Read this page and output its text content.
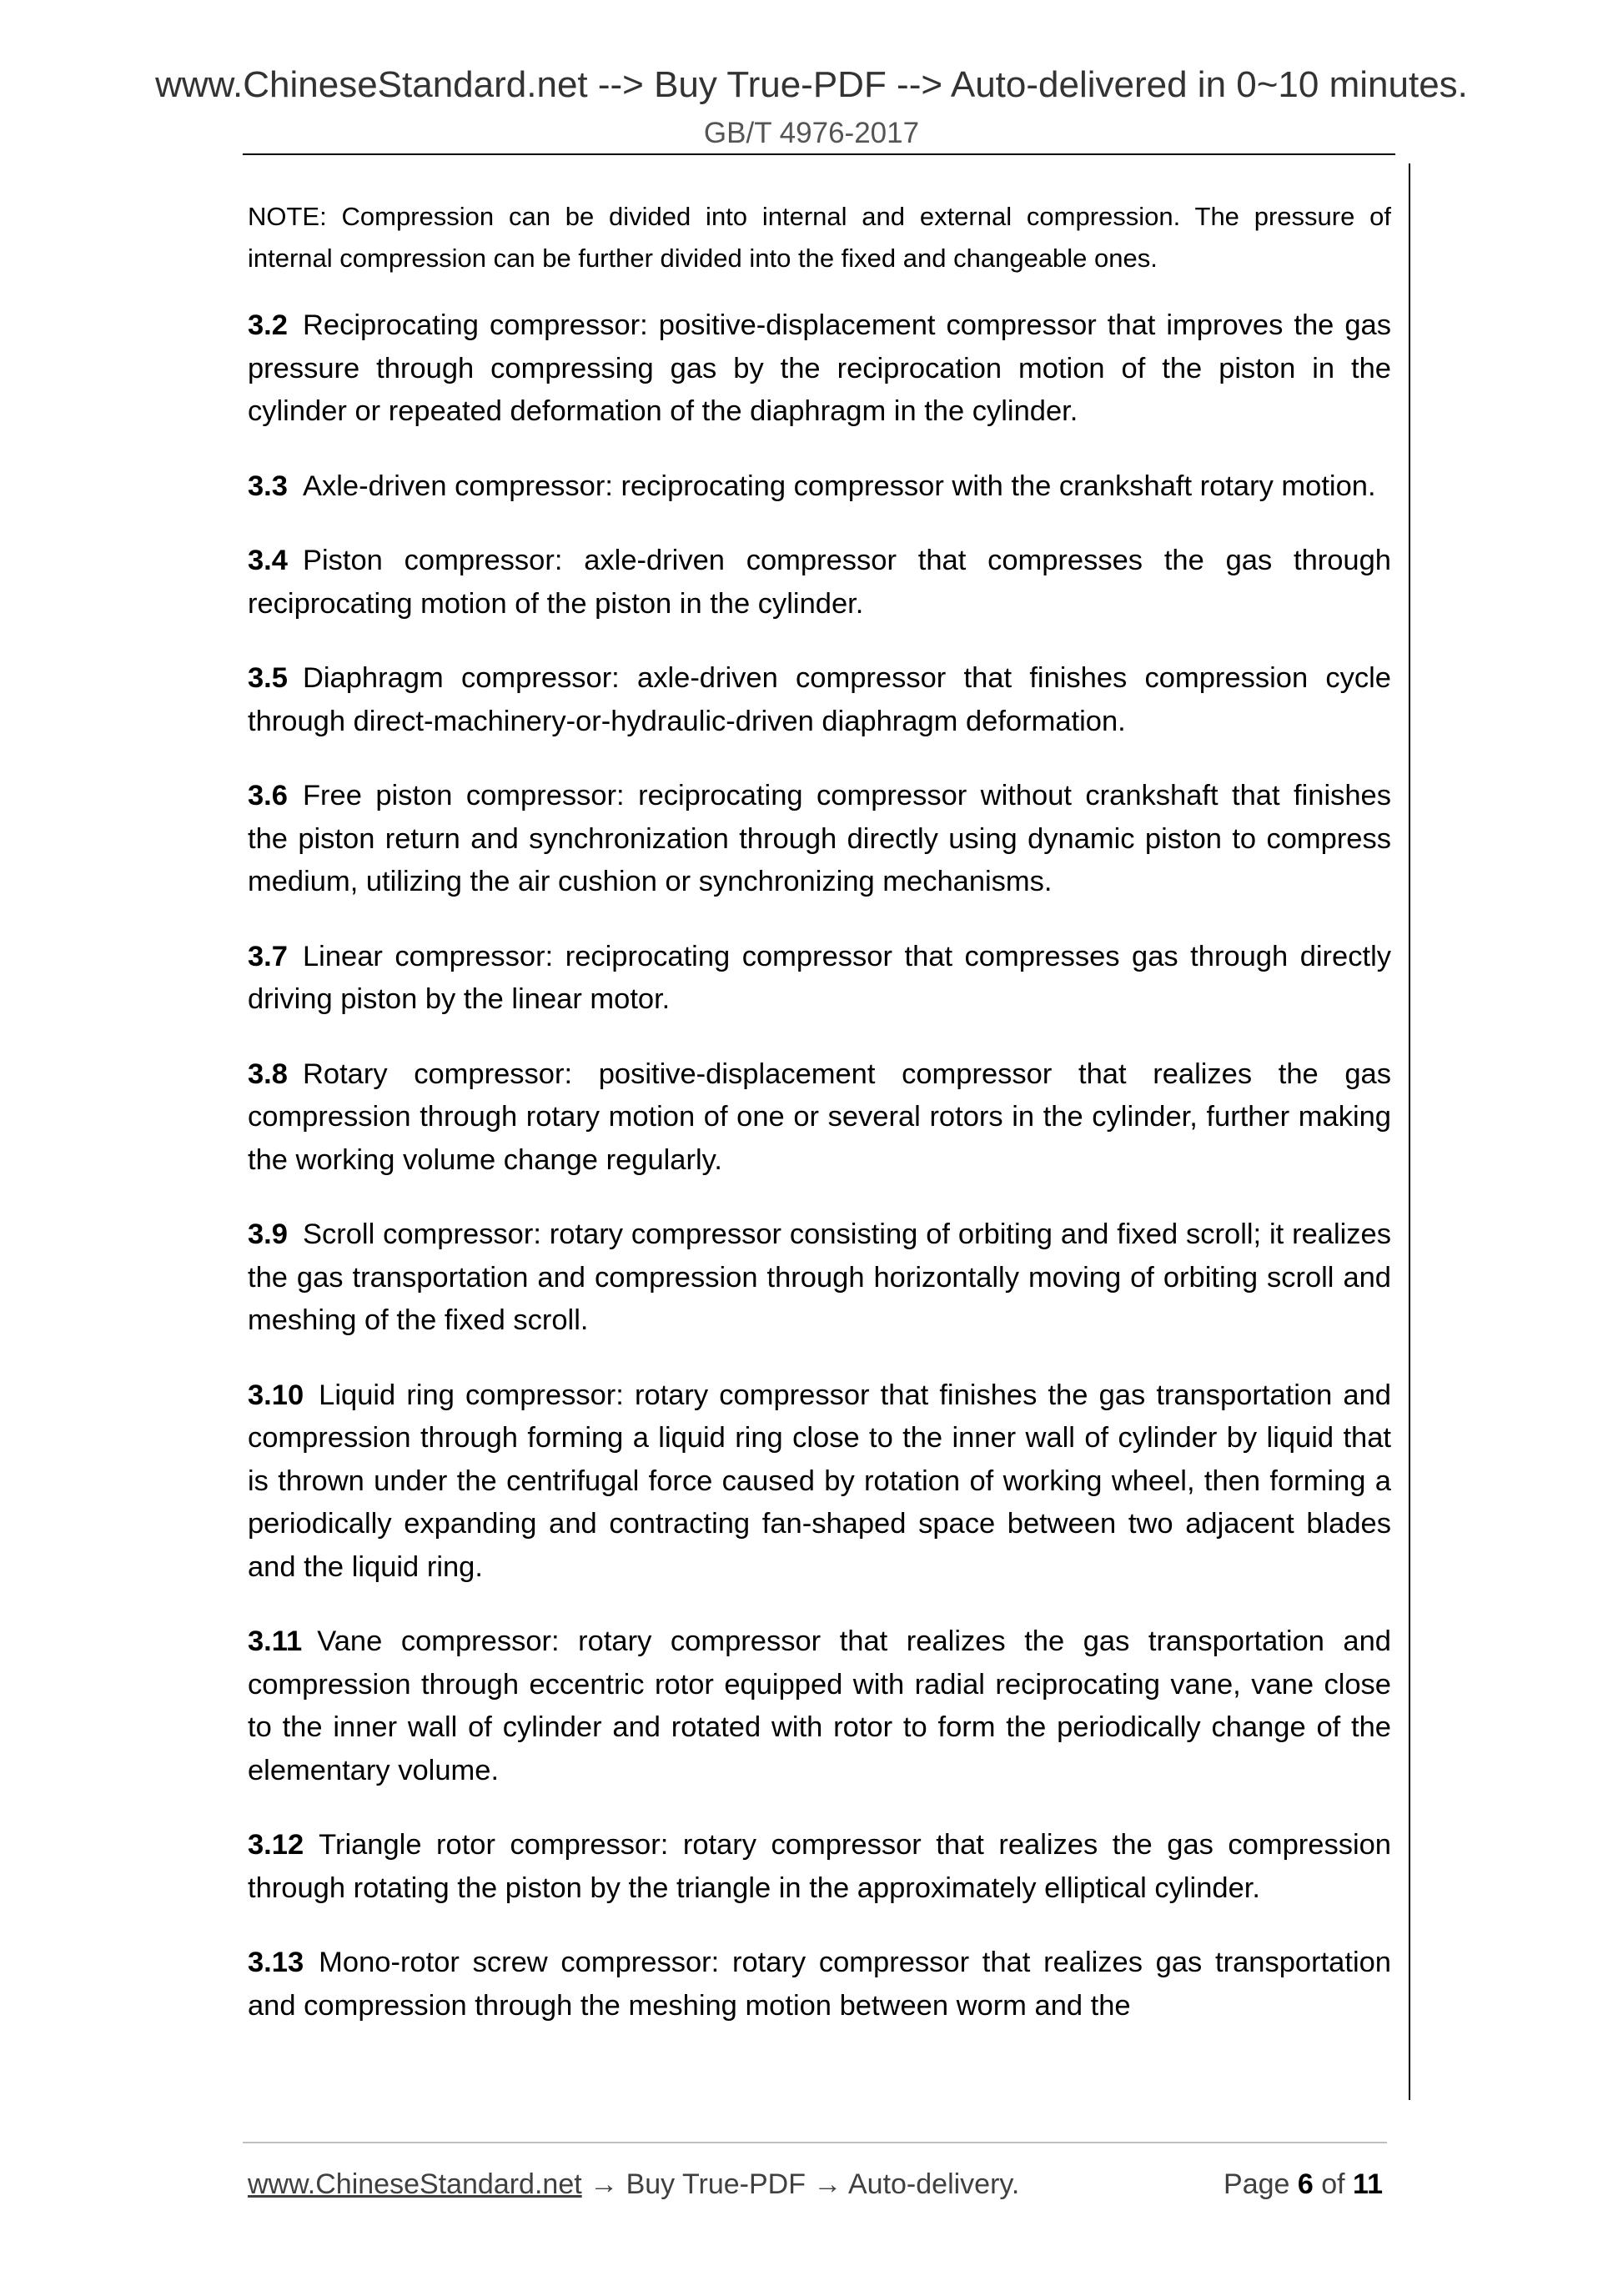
www.ChineseStandard.net --> Buy True-PDF --> Auto-delivered in 0~10 minutes.
GB/T 4976-2017

NOTE: Compression can be divided into internal and external compression. The pressure of internal compression can be further divided into the fixed and changeable ones.

3.2 Reciprocating compressor: positive-displacement compressor that improves the gas pressure through compressing gas by the reciprocation motion of the piston in the cylinder or repeated deformation of the diaphragm in the cylinder.

3.3 Axle-driven compressor: reciprocating compressor with the crankshaft rotary motion.

3.4 Piston compressor: axle-driven compressor that compresses the gas through reciprocating motion of the piston in the cylinder.

3.5 Diaphragm compressor: axle-driven compressor that finishes compression cycle through direct-machinery-or-hydraulic-driven diaphragm deformation.

3.6 Free piston compressor: reciprocating compressor without crankshaft that finishes the piston return and synchronization through directly using dynamic piston to compress medium, utilizing the air cushion or synchronizing mechanisms.

3.7 Linear compressor: reciprocating compressor that compresses gas through directly driving piston by the linear motor.

3.8 Rotary compressor: positive-displacement compressor that realizes the gas compression through rotary motion of one or several rotors in the cylinder, further making the working volume change regularly.

3.9 Scroll compressor: rotary compressor consisting of orbiting and fixed scroll; it realizes the gas transportation and compression through horizontally moving of orbiting scroll and meshing of the fixed scroll.

3.10 Liquid ring compressor: rotary compressor that finishes the gas transportation and compression through forming a liquid ring close to the inner wall of cylinder by liquid that is thrown under the centrifugal force caused by rotation of working wheel, then forming a periodically expanding and contracting fan-shaped space between two adjacent blades and the liquid ring.

3.11 Vane compressor: rotary compressor that realizes the gas transportation and compression through eccentric rotor equipped with radial reciprocating vane, vane close to the inner wall of cylinder and rotated with rotor to form the periodically change of the elementary volume.

3.12 Triangle rotor compressor: rotary compressor that realizes the gas compression through rotating the piston by the triangle in the approximately elliptical cylinder.

3.13 Mono-rotor screw compressor: rotary compressor that realizes gas transportation and compression through the meshing motion between worm and the

www.ChineseStandard.net → Buy True-PDF → Auto-delivery.	Page 6 of 11
